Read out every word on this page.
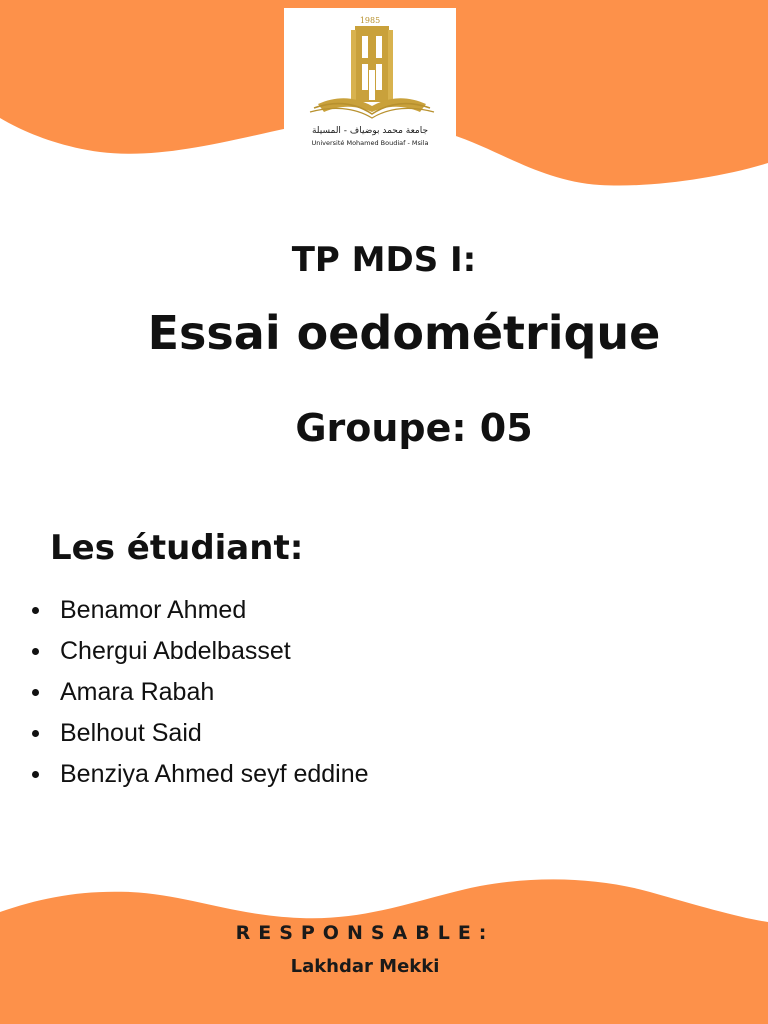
1985
جامعة محمد بوضياف - المسيلة
Université Mohamed Boudiaf - Msila
TP MDS I:
Essai oedométrique
Groupe: 05
Les étudiant:
Benamor Ahmed
Chergui Abdelbasset
Amara Rabah
Belhout Said
Benziya Ahmed seyf eddine
RESPONSABLE:
Lakhdar Mekki
